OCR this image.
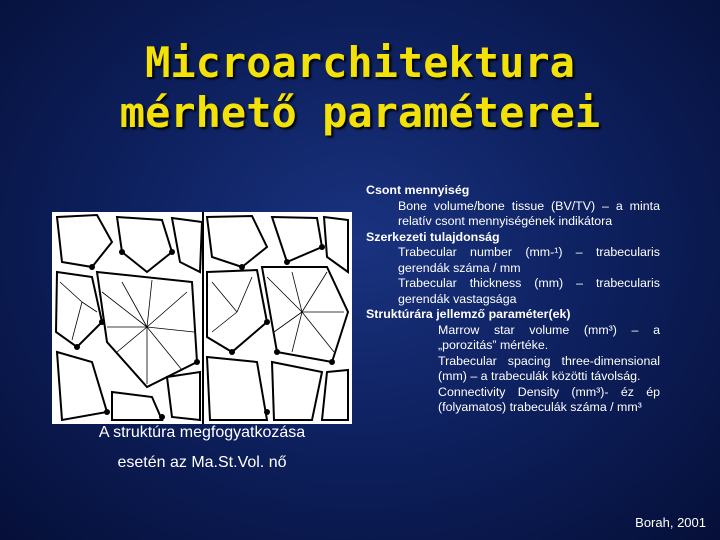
Microarchitektura
mérhető paraméterei
A struktúra megfogyatkozása
esetén az Ma.St.Vol. nő
Csont mennyiség
Bone volume/bone tissue (BV/TV) – a minta relatív csont mennyiségének indikátora
Szerkezeti tulajdonság
Trabecular number (mm-¹) – trabecularis gerendák száma / mm
Trabecular thickness (mm) – trabecularis gerendák vastagsága
Struktúrára jellemző paraméter(ek)
Marrow star volume (mm³) – a „porozitás” mértéke.
Trabecular spacing three-dimensional (mm) – a trabeculák közötti távolság.
Connectivity Density (mm³)- éz ép (folyamatos) trabeculák száma / mm³
Borah, 2001
